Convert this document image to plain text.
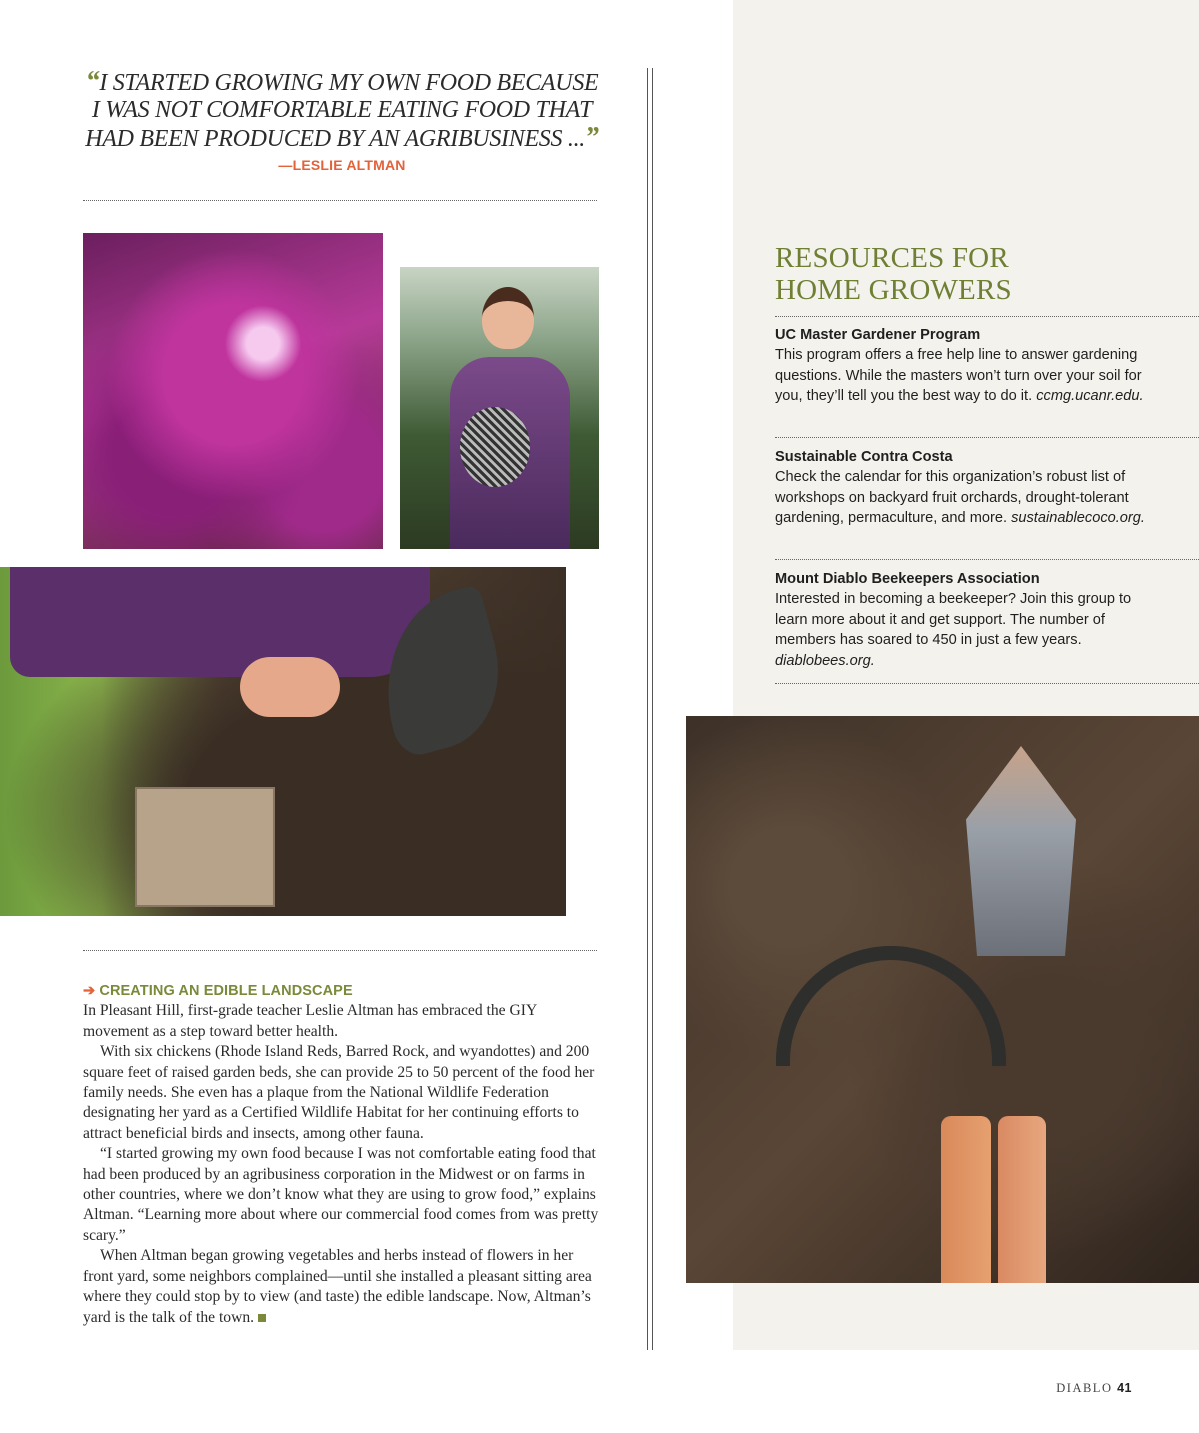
“I STARTED GROWING MY OWN FOOD BECAUSE I WAS NOT COMFORTABLE EATING FOOD THAT HAD BEEN PRODUCED BY AN AGRIBUSINESS ...”
—LESLIE ALTMAN
➔ CREATING AN EDIBLE LANDSCAPE

In Pleasant Hill, first-grade teacher Leslie Altman has embraced the GIY movement as a step toward better health.

With six chickens (Rhode Island Reds, Barred Rock, and wyandottes) and 200 square feet of raised garden beds, she can provide 25 to 50 percent of the food her family needs. She even has a plaque from the National Wildlife Federation designating her yard as a Certified Wildlife Habitat for her continuing efforts to attract beneficial birds and insects, among other fauna.

“I started growing my own food because I was not comfortable eating food that had been produced by an agribusiness corporation in the Midwest or on farms in other countries, where we don’t know what they are using to grow food,” explains Altman. “Learning more about where our commercial food comes from was pretty scary.”

When Altman began growing vegetables and herbs instead of flowers in her front yard, some neighbors complained—until she installed a pleasant sitting area where they could stop by to view (and taste) the edible landscape. Now, Altman’s yard is the talk of the town.

RESOURCES FOR
HOME GROWERS
UC Master Gardener Program
This program offers a free help line to answer gardening questions. While the masters won’t turn over your soil for you, they’ll tell you the best way to do it. ccmg.ucanr.edu.
Sustainable Contra Costa
Check the calendar for this organization’s robust list of workshops on backyard fruit orchards, drought-tolerant gardening, permaculture, and more. sustainablecoco.org.
Mount Diablo Beekeepers Association
Interested in becoming a beekeeper? Join this group to learn more about it and get support. The number of members has soared to 450 in just a few years. diablobees.org.
DIABLO 41
